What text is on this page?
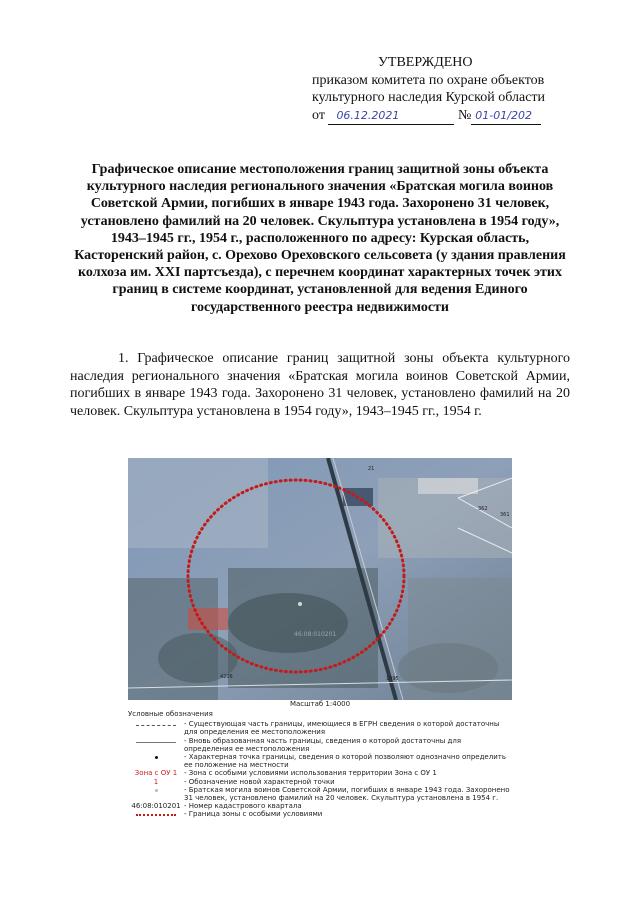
УТВЕРЖДЕНО
приказом комитета по охране объектов
культурного наследия Курской области
от 06.12.2021	№ 01-01/202
Графическое описание местоположения границ защитной зоны объекта культурного наследия регионального значения «Братская могила воинов Советской Армии, погибших в январе 1943 года. Захоронено 31 человек, установлено фамилий на 20 человек. Скульптура установлена в 1954 году», 1943–1945 гг., 1954 г., расположенного по адресу: Курская область, Касторенский район, с. Орехово Ореховского сельсовета (у здания правления колхоза им. XXI партсъезда), с перечнем координат характерных точек этих границ в системе координат, установленной для ведения Единого государственного реестра недвижимости
1. Графическое описание границ защитной зоны объекта культурного наследия регионального значения «Братская могила воинов Советской Армии, погибших в январе 1943 года. Захоронено 31 человек, установлено фамилий на 20 человек. Скульптура установлена в 1954 году», 1943–1945 гг., 1954 г.
361
362
21
1095
4206
46:08:010201
Масштаб 1:4000
Условные обозначения
- Существующая часть границы, имеющиеся в ЕГРН сведения о которой достаточны для определения ее местоположения
- Вновь образованная часть границы, сведения о которой достаточны для определения ее местоположения
- Характерная точка границы, сведения о которой позволяют однозначно определить ее положение на местности
Зона с ОУ 1 - Зона с особыми условиями использования территории Зона с ОУ 1
1	- Обозначение новой характерной точки
- Братская могила воинов Советской Армии, погибших в январе 1943 года. Захоронено 31 человек, установлено фамилий на 20 человек. Скульптура установлена в 1954 г.
46:08:010201 - Номер кадастрового квартала
- Граница зоны с особыми условиями
